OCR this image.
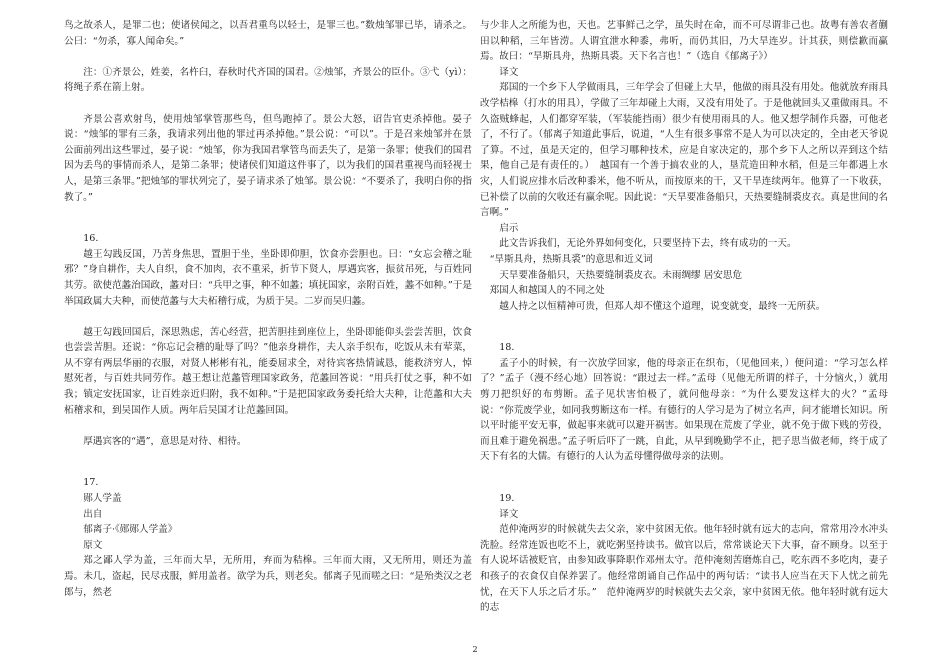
鸟之故杀人，是罪二也；使诸侯闻之，以吾君重鸟以轻士，是罪三也。”数烛邹罪已毕，请杀之。公曰：“勿杀，寡人闻命矣。”

注：①齐景公，姓姜，名杵臼，春秋时代齐国的国君。②烛邹，齐景公的臣仆。③弋（yì）：将绳子系在箭上射。

齐景公喜欢射鸟，使用烛邹掌管那些鸟，但鸟跑掉了。景公大怒，诏告官吏杀掉他。晏子说：“烛邹的罪有三条，我请求列出他的罪过再杀掉他。”景公说：“可以”。于是召来烛邹并在景公面前列出这些罪过，晏子说：“烛邹，你为我国君掌管鸟而丢失了，是第一条罪；使我们的国君因为丢鸟的事情而杀人，是第二条罪；使诸侯们知道这件事了，以为我们的国君重视鸟而轻视士人，是第三条罪。”把烛邹的罪状列完了，晏子请求杀了烛邹。景公说：“不要杀了，我明白你的指教了。”

16.

越王勾践反国，乃苦身焦思，置胆于坐，坐卧即仰胆，饮食亦尝胆也。曰：“女忘会稽之耻邪？”身自耕作，夫人自织，食不加肉，衣不重采，折节下贤人，厚遇宾客，振贫吊死，与百姓同其劳。欲使范蠡治国政，蠡对曰：“兵甲之事，种不如蠡；填抚国家，亲附百姓，蠡不如种。”于是举国政属大夫种，而使范蠡与大夫柘稽行成，为质于吴。二岁而吴归蠡。

越王勾践回国后，深思熟虑，苦心经营，把苦胆挂到座位上，坐卧即能仰头尝尝苦胆，饮食也尝尝苦胆。还说：“你忘记会稽的耻辱了吗？”他亲身耕作，夫人亲手织布，吃饭从未有荤菜，从不穿有两层华丽的衣服，对贤人彬彬有礼，能委屈求全，对待宾客热情诚恳，能救济穷人，悼慰死者，与百姓共同劳作。越王想让范蠡管理国家政务，范蠡回答说：“用兵打仗之事，种不如我；镇定安抚国家，让百姓亲近归附，我不如种。”于是把国家政务委托给大夫种，让范蠡和大夫柘稽求和，到吴国作人质。两年后吴国才让范蠡回国。

厚遇宾客的“遇”，意思是对待、相待。

17.

郧人学盖

出自

郁离子·《郧郧人学盖》

原文

郑之鄙人学为盖，三年而大旱，无所用，弃而为秸槔。三年而大雨，又无所用，则还为盖焉。未几，盗起，民尽戎服，鲜用盖者。欲学为兵，则老矣。郁离子见而嗟之曰：“是殆类汉之老郎与，然老

与少非人之所能为也，天也。艺事鲜己之学，虽失时在命，而不可尽谓非己也。故粤有善农者蒯田以种稻，三年皆涝。人谓宜泄水种黍，弗听，而仍其旧，乃大旱连岁。计其获，则偿歉而赢焉。故曰：“旱斯具舟，热斯具裘。天下名言也！”（选自《郁离子》）

译文

郑国的一个乡下人学做雨具，三年学会了但碰上大旱，他做的雨具没有用处。他就放弃雨具改学桔槔（打水的用具），学做了三年却碰上大雨，又没有用处了。于是他就回头又重做雨具。不久盗贼蜂起，人们都穿军装，（军装能挡雨）很少有使用雨具的人。他又想学制作兵器，可他老了，不行了。（郁离子知道此事后，说道，“人生有很多事常不是人为可以决定的，全由老天爷说了算。不过，虽是天定的，但学习哪种技术，应是自家决定的，那个乡下人之所以弄到这个结果，他自己是有责任的。）　越国有一个善于搞农业的人，垦荒造田种水稻，但是三年都遇上水灾，人们说应排水后改种黍米，他不听从，而按原来的干，又干旱连续两年。他算了一下收获，已补偿了以前的欠收还有赢余呢。因此说：“天旱要准备船只，天热要缝制裘皮衣。真是世间的名言啊。”

启示

此文告诉我们，无论外界如何变化，只要坚持下去，终有成功的一天。

“旱斯具舟，热斯具裘”的意思和近义词

天旱要准备船只，天热要缝制裘皮衣。未雨绸缪 居安思危

郑国人和越国人的不同之处

越人持之以恒精神可贵，但郑人却不懂这个道理，说变就变，最终一无所获。

18.

孟子小的时候，有一次放学回家，他的母亲正在织布，（见他回来，）便问道：“学习怎么样了？”孟子（漫不经心地）回答说：“跟过去一样。”孟母（见他无所谓的样子，十分恼火，）就用剪刀把织好的布剪断。孟子见状害怕极了，就问他母亲：“为什么要发这样大的火？”孟母说：“你荒废学业，如同我剪断这布一样。有德行的人学习是为了树立名声，问才能增长知识。所以平时能平安无事，做起事来就可以避开祸害。如果现在荒废了学业，就不免于做下贱的劳役，而且难于避免祸患。”孟子听后吓了一跳，自此，从早到晚勤学不止，把子思当做老师，终于成了天下有名的大儒。有德行的人认为孟母懂得做母亲的法则。

19.

译文

范仲淹两岁的时候就失去父亲，家中贫困无依。他年轻时就有远大的志向，常常用冷水冲头洗脸。经常连饭也吃不上，就吃粥坚持读书。做官以后，常常谈论天下大事，奋不顾身。以至于有人说坏话被贬官，由参知政事降职作邓州太守。范仲淹刻苦磨炼自己，吃东西不多吃肉，妻子和孩子的衣食仅自保养罢了。他经常朗诵自己作品中的两句话：“读书人应当在天下人忧之前先忧，在天下人乐之后才乐。”　范仲淹两岁的时候就失去父亲，家中贫困无依。他年轻时就有远大的志

2
